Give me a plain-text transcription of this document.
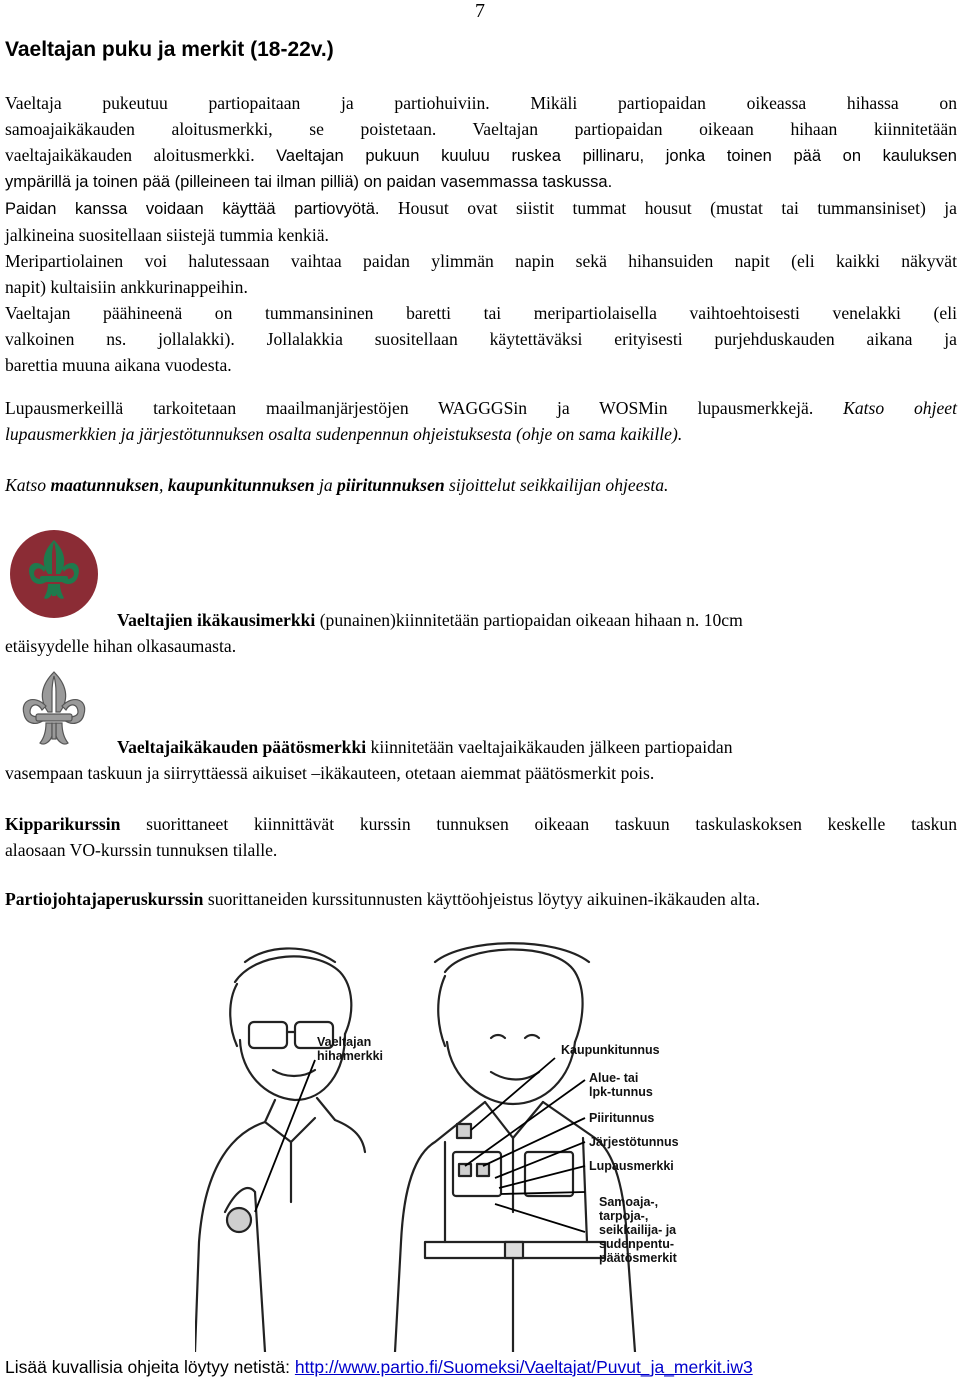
7
Vaeltajan puku ja merkit (18-22v.)
Vaeltaja pukeutuu partiopaitaan ja partiohuiviin. Mikäli partiopaidan oikeassa hihassa on
samoajaikäkauden aloitusmerkki, se poistetaan. Vaeltajan partiopaidan oikeaan hihaan kiinnitetään
vaeltajaikäkauden aloitusmerkki. Vaeltajan pukuun kuuluu ruskea pillinaru, jonka toinen pää on kauluksen
ympärillä ja toinen pää (pilleineen tai ilman pilliä) on paidan vasemmassa taskussa.
Paidan kanssa voidaan käyttää partiovyötä. Housut ovat siistit tummat housut (mustat tai tummansiniset) ja
jalkineina suositellaan siistejä tummia kenkiä.
Meripartiolainen voi halutessaan vaihtaa paidan ylimmän napin sekä hihansuiden napit (eli kaikki näkyvät
napit) kultaisiin ankkurinappeihin.
Vaeltajan päähineenä on tummansininen baretti tai meripartiolaisella vaihtoehtoisesti venelakki (eli
valkoinen ns. jollalakki). Jollalakkia suositellaan käytettäväksi erityisesti purjehduskauden aikana ja
barettia muuna aikana vuodesta.
Lupausmerkeillä tarkoitetaan maailmanjärjestöjen WAGGGSin ja WOSMin lupausmerkkejä. Katso ohjeet
lupausmerkkien ja järjestötunnuksen osalta sudenpennun ohjeistuksesta (ohje on sama kaikille).
Katso maatunnuksen, kaupunkitunnuksen ja piiritunnuksen sijoittelut seikkailijan ohjeesta.
Vaeltajien ikäkausimerkki (punainen)kiinnitetään partiopaidan oikeaan hihaan n. 10cm
etäisyydelle hihan olkasaumasta.
Vaeltajaikäkauden päätösmerkki kiinnitetään vaeltajaikäkauden jälkeen partiopaidan
vasempaan taskuun ja siirryttäessä aikuiset –ikäkauteen, otetaan aiemmat päätösmerkit pois.
Kipparikurssin suorittaneet kiinnittävät kurssin tunnuksen oikeaan taskuun taskulaskoksen keskelle taskun
alaosaan VO-kurssin tunnuksen tilalle.
Partiojohtajaperuskurssin suorittaneiden kurssitunnusten käyttöohjeistus löytyy aikuinen-ikäkauden alta.
Vaeltajan
hihamerkki	Kaupunkitunnus
Alue- tai
lpk-tunnus
Piiritunnus
Järjestötunnus
Lupausmerkki
Samoaja-,
tarpoja-,
seikkailija- ja
sudenpentu-
päätösmerkit
Lisää kuvallisia ohjeita löytyy netistä: http://www.partio.fi/Suomeksi/Vaeltajat/Puvut_ja_merkit.iw3
